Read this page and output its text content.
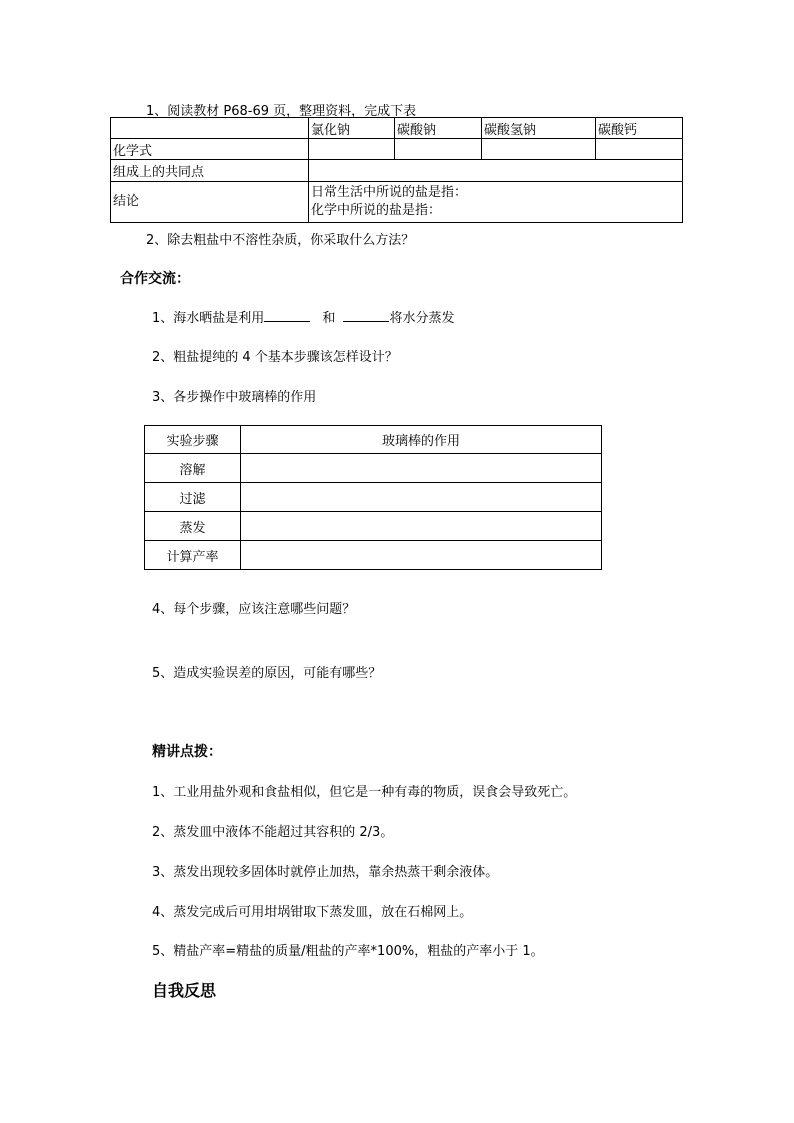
1、阅读教材 P68-69 页，整理资料，完成下表
	氯化钠	碳酸钠	碳酸氢钠	碳酸钙
化学式				
组成上的共同点				
结论	日常生活中所说的盐是指：
化学中所说的盐是指：			
2、除去粗盐中不溶性杂质，你采取什么方法？
合作交流：
1、海水晒盐是利用	和	将水分蒸发
2、粗盐提纯的 4 个基本步骤该怎样设计？
3、各步操作中玻璃棒的作用
实验步骤	玻璃棒的作用
溶解	
过滤	
蒸发	
计算产率	
4、每个步骤，应该注意哪些问题？
5、造成实验误差的原因，可能有哪些？
精讲点拨：
1、工业用盐外观和食盐相似，但它是一种有毒的物质，误食会导致死亡。
2、蒸发皿中液体不能超过其容积的 2/3。
3、蒸发出现较多固体时就停止加热，靠余热蒸干剩余液体。
4、蒸发完成后可用坩埚钳取下蒸发皿，放在石棉网上。
5、精盐产率=精盐的质量/粗盐的产率*100%，粗盐的产率小于 1。
自我反思
